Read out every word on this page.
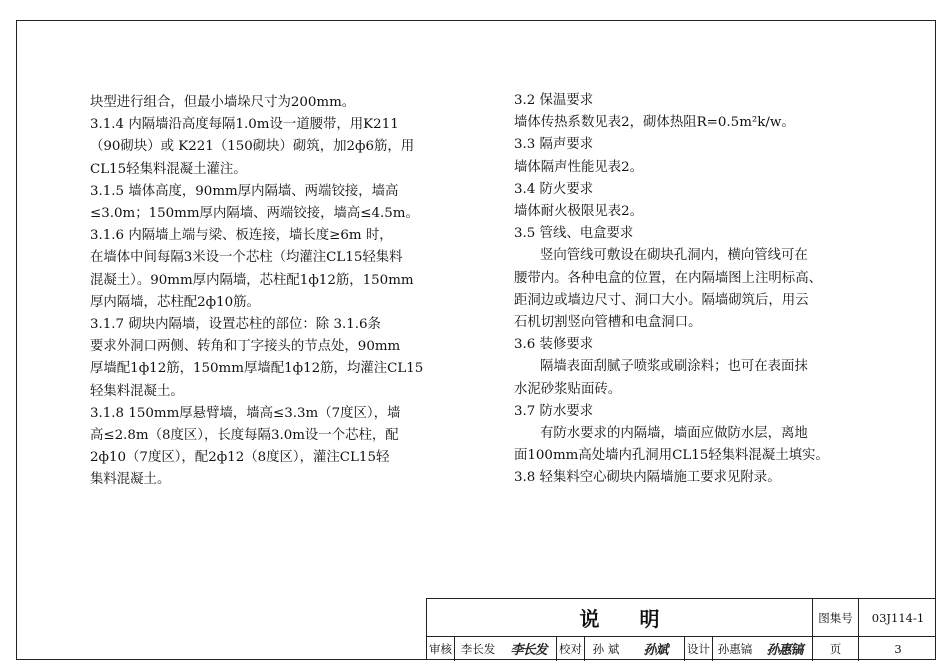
块型进行组合，但最小墙垛尺寸为200mm。

3.1.4 内隔墙沿高度每隔1.0m设一道腰带，用K211

（90砌块）或 K221（150砌块）砌筑，加2ф6筋，用

CL15轻集料混凝土灌注。

3.1.5 墙体高度，90mm厚内隔墙、两端铰接，墙高

≤3.0m；150mm厚内隔墙、两端铰接，墙高≤4.5m。

3.1.6 内隔墙上端与梁、板连接，墙长度≥6m 时，

在墙体中间每隔3米设一个芯柱（均灌注CL15轻集料

混凝土）。90mm厚内隔墙，芯柱配1ф12筋，150mm

厚内隔墙，芯柱配2ф10筋。

3.1.7 砌块内隔墙，设置芯柱的部位：除 3.1.6条

要求外洞口两侧、转角和丁字接头的节点处，90mm

厚墙配1ф12筋，150mm厚墙配1ф12筋，均灌注CL15

轻集料混凝土。

3.1.8 150mm厚悬臂墙，墙高≤3.3m（7度区），墙

高≤2.8m（8度区），长度每隔3.0m设一个芯柱，配

2ф10（7度区），配2ф12（8度区），灌注CL15轻

集料混凝土。

3.2 保温要求

墙体传热系数见表2，砌体热阻R=0.5m²k/w。

3.3 隔声要求

墙体隔声性能见表2。

3.4 防火要求

墙体耐火极限见表2。

3.5 管线、电盒要求

竖向管线可敷设在砌块孔洞内，横向管线可在

腰带内。各种电盒的位置，在内隔墙图上注明标高、

距洞边或墙边尺寸、洞口大小。隔墙砌筑后，用云

石机切割竖向管槽和电盒洞口。

3.6 装修要求

隔墙表面刮腻子喷浆或刷涂料；也可在表面抹

水泥砂浆贴面砖。

3.7 防水要求

有防水要求的内隔墙，墙面应做防水层，离地

面100mm高处墙内孔洞用CL15轻集料混凝土填实。

3.8 轻集料空心砌块内隔墙施工要求见附录。

说明	图集号	03J114-1
审核 李长发	李长发	校对 孙 斌	孙斌	设计 孙惠镐	孙惠镐	页	3
